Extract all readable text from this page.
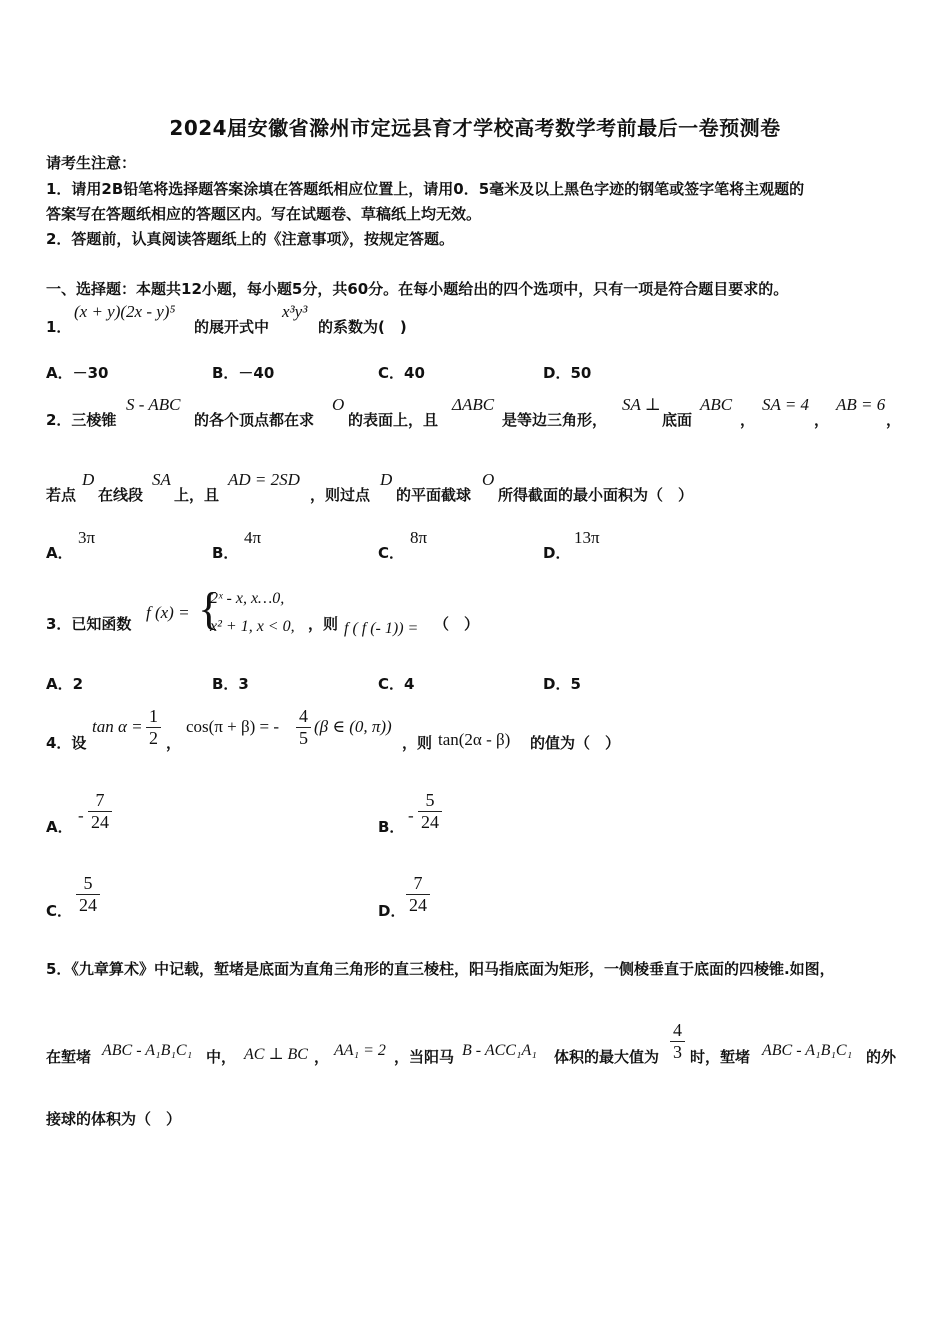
2024届安徽省滁州市定远县育才学校高考数学考前最后一卷预测卷
请考生注意：
1．请用2B铅笔将选择题答案涂填在答题纸相应位置上，请用0．5毫米及以上黑色字迹的钢笔或签字笔将主观题的
答案写在答题纸相应的答题区内。写在试题卷、草稿纸上均无效。
2．答题前，认真阅读答题纸上的《注意事项》，按规定答题。
一、选择题：本题共12小题，每小题5分，共60分。在每小题给出的四个选项中，只有一项是符合题目要求的。
1．
(x + y)(2x - y)⁵
的展开式中
x³y³
的系数为(　)
A．－30	B．－40	C．40	D．50
2．三棱锥
S - ABC
的各个顶点都在求
O
的表面上，且
ΔABC
是等边三角形，
SA ⊥
底面
ABC
，
SA = 4
，
AB = 6
，
若点
D
在线段
SA
上，且
AD = 2SD
，则过点
D
的平面截球
O
所得截面的最小面积为（　）
A．
3π
B．
4π
C．
8π
D．
13π
3．已知函数
f (x) = {
2ˣ - x, x…0,
x² + 1, x < 0, ，则 f ( f (- 1)) = （　）
A．2	B．3	C．4	D．5
4．设
$\tan \alpha = \frac{1}{2}$ ，
cos(π + β) = - $\frac{4}{5} (\beta$ ∈ (0, π))
，则 tan(2α - β) 的值为（　）
A．
- $\frac{7}{24}$	B．
- $\frac{5}{24}$
C． $\frac{5}{24}$	D． $\frac{7}{24}$
5．《九章算术》中记载，堑堵是底面为直角三角形的直三棱柱，阳马指底面为矩形，一侧棱垂直于底面的四棱锥.如图，
在堑堵 ABC - A₁B₁C₁ 中， AC ⊥ BC ， AA₁ = 2 ，当阳马 B - ACC₁A₁ 体积的最大值为 $\frac{4}{3}$ 时，堑堵 ABC - A₁B₁C₁ 的外
接球的体积为（　）
